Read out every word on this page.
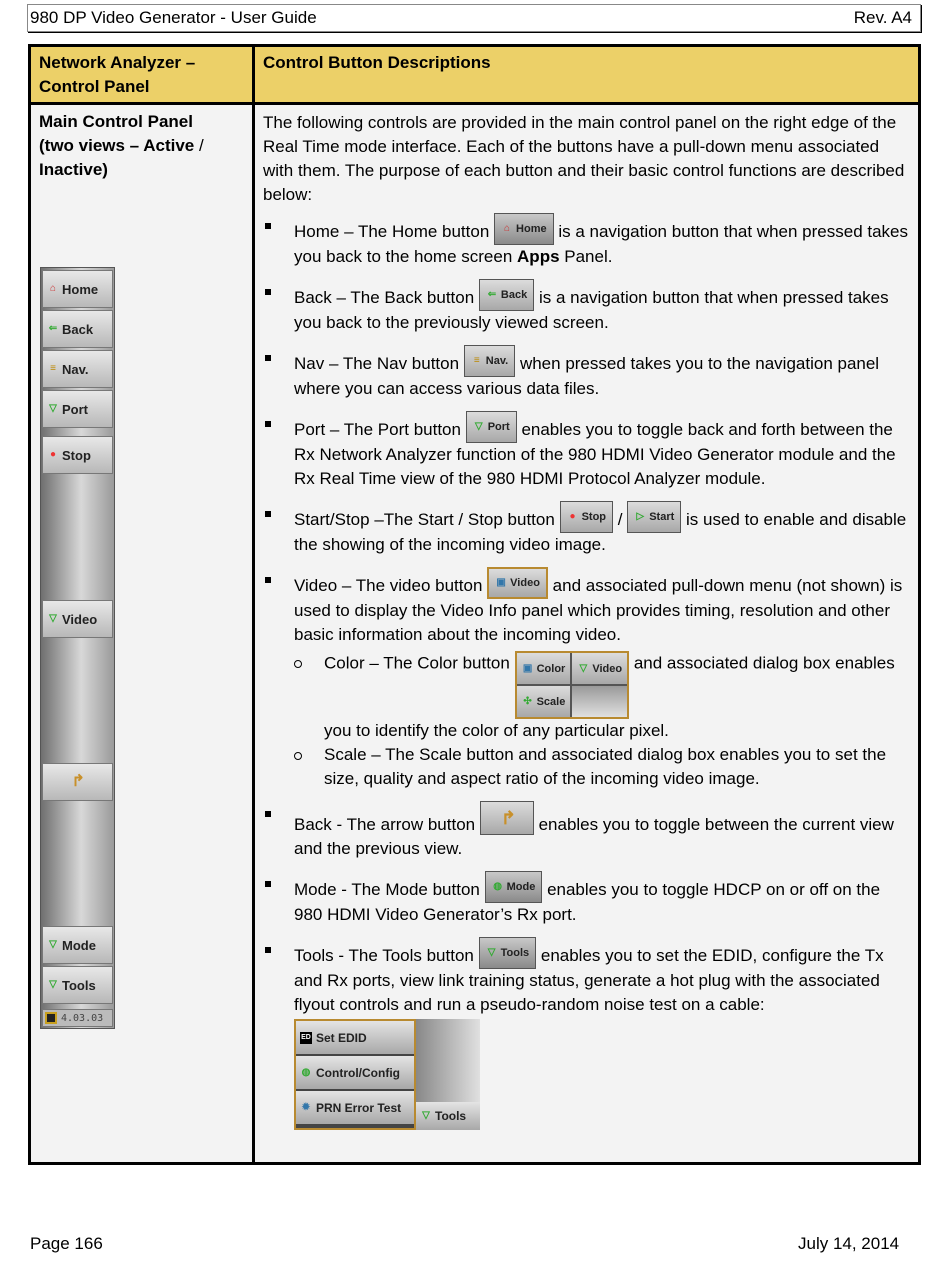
980 DP Video Generator - User Guide	Rev. A4
Network Analyzer – Control Panel
Control Button Descriptions
Main Control Panel
(two views – Active /
Inactive)
⌂ Home
⇐ Back
≡ Nav.
▽ Port
● Stop
▽ Video
↱
▽ Mode
▽ Tools
4.03.03

The following controls are provided in the main control panel on the right edge of the Real Time mode interface. Each of the buttons have a pull-down menu associated with them. The purpose of each button and their basic control functions are described below:

Home – The Home button ⌂ Home is a navigation button that when pressed takes you back to the home screen Apps Panel.
Back – The Back button ⇐ Back is a navigation button that when pressed takes you back to the previously viewed screen.
Nav – The Nav button	≡ Nav. when pressed takes you to the navigation panel where you can access various data files.
Port – The Port button ▽ Port enables you to toggle back and forth between the Rx Network Analyzer function of the 980 HDMI Video Generator module and the Rx Real Time view of the 980 HDMI Protocol Analyzer module.
Start/Stop –The Start / Stop button ● Stop / ▷ Start is used to enable and disable the showing of the incoming video image.
Video – The video button ▣ Video and associated pull-down menu (not shown) is used to display the Video Info panel which provides timing, resolution and other basic information about the incoming video.
Color – The Color button ▣ Color ▽ Video
✣ Scale
and associated dialog box enables you to identify the color of any particular pixel.
Scale – The Scale button and associated dialog box enables you to set the size, quality and aspect ratio of the incoming video image.
Back - The arrow button ↱ enables you to toggle between the current view and the previous view.
Mode - The Mode button ◍ Mode enables you to toggle HDCP on or off on the 980 HDMI Video Generator’s Rx port.
Tools - The Tools button ▽ Tools enables you to set the EDID, configure the Tx and Rx ports, view link training status, generate a hot plug with the associated flyout controls and run a pseudo-random noise test on a cable:
ED Set EDID
◍ Control/Config
✹ PRN Error Test
▽ Tools
Page 166	July 14, 2014
